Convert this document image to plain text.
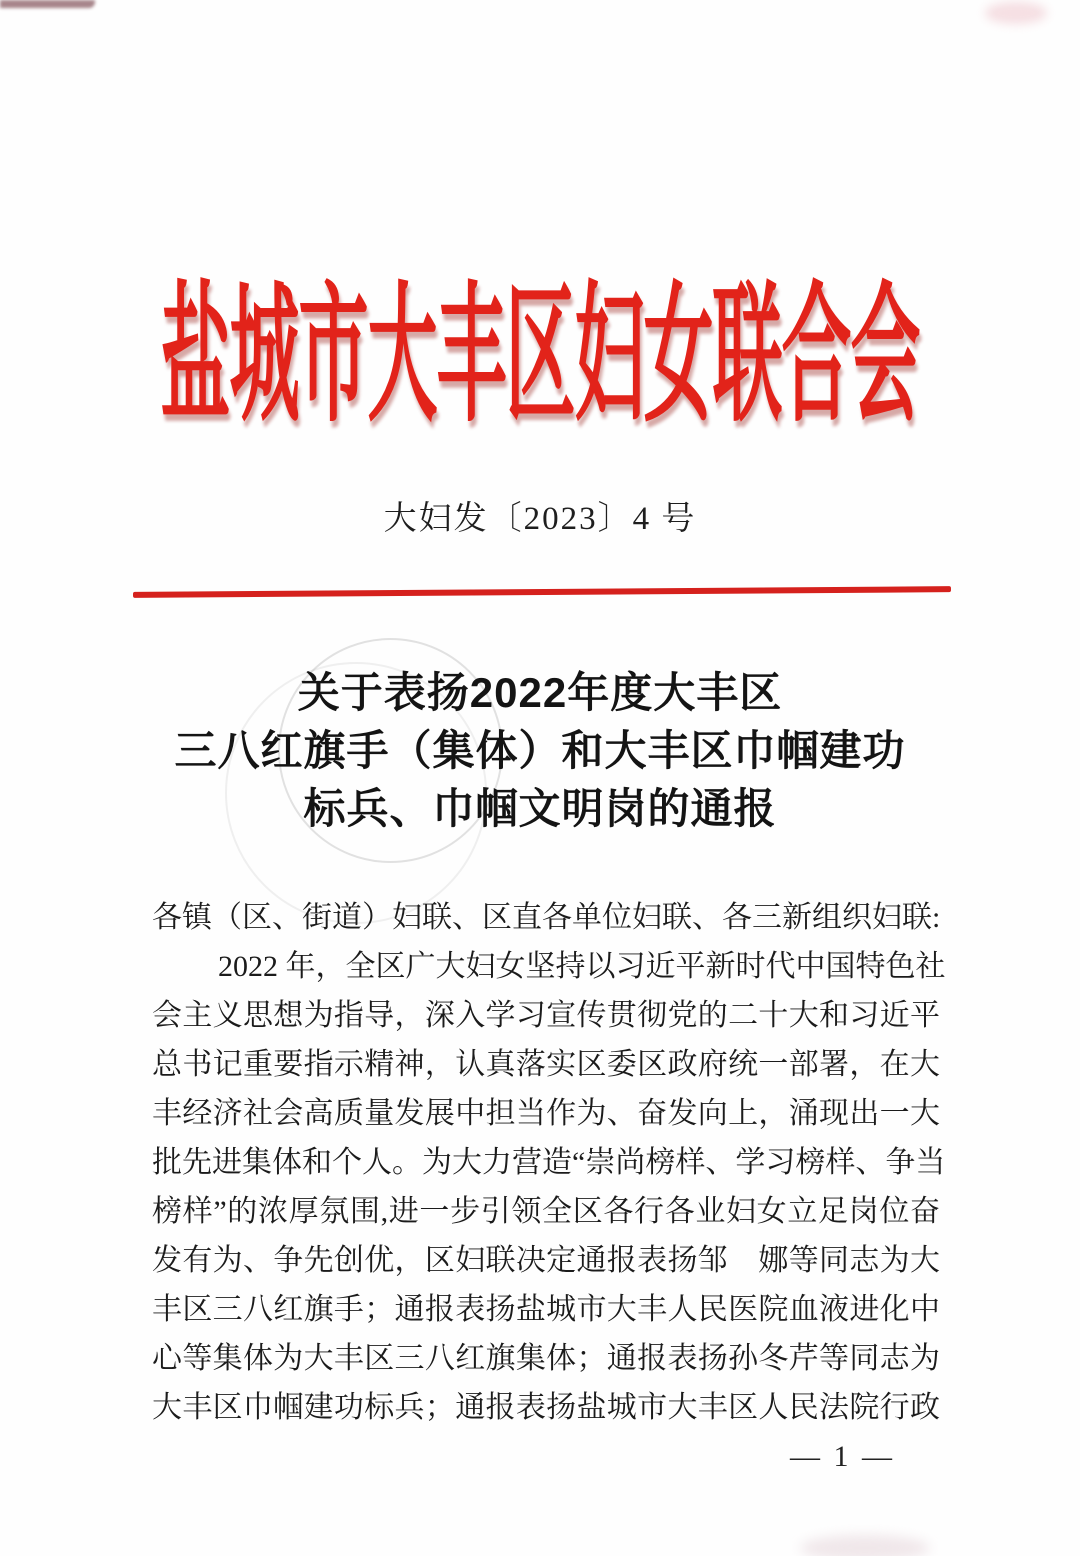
盐城市大丰区妇女联合会
大妇发〔2023〕4 号
关于表扬2022年度大丰区
三八红旗手（集体）和大丰区巾帼建功
标兵、巾帼文明岗的通报
各镇（区、街道）妇联、区直各单位妇联、各三新组织妇联:
2022 年，全区广大妇女坚持以习近平新时代中国特色社
会主义思想为指导，深入学习宣传贯彻党的二十大和习近平
总书记重要指示精神，认真落实区委区政府统一部署，在大
丰经济社会高质量发展中担当作为、奋发向上，涌现出一大
批先进集体和个人。为大力营造“崇尚榜样、学习榜样、争当
榜样”的浓厚氛围,进一步引领全区各行各业妇女立足岗位奋
发有为、争先创优，区妇联决定通报表扬邹　娜等同志为大
丰区三八红旗手；通报表扬盐城市大丰人民医院血液进化中
心等集体为大丰区三八红旗集体；通报表扬孙冬芹等同志为
大丰区巾帼建功标兵；通报表扬盐城市大丰区人民法院行政
— 1 —
